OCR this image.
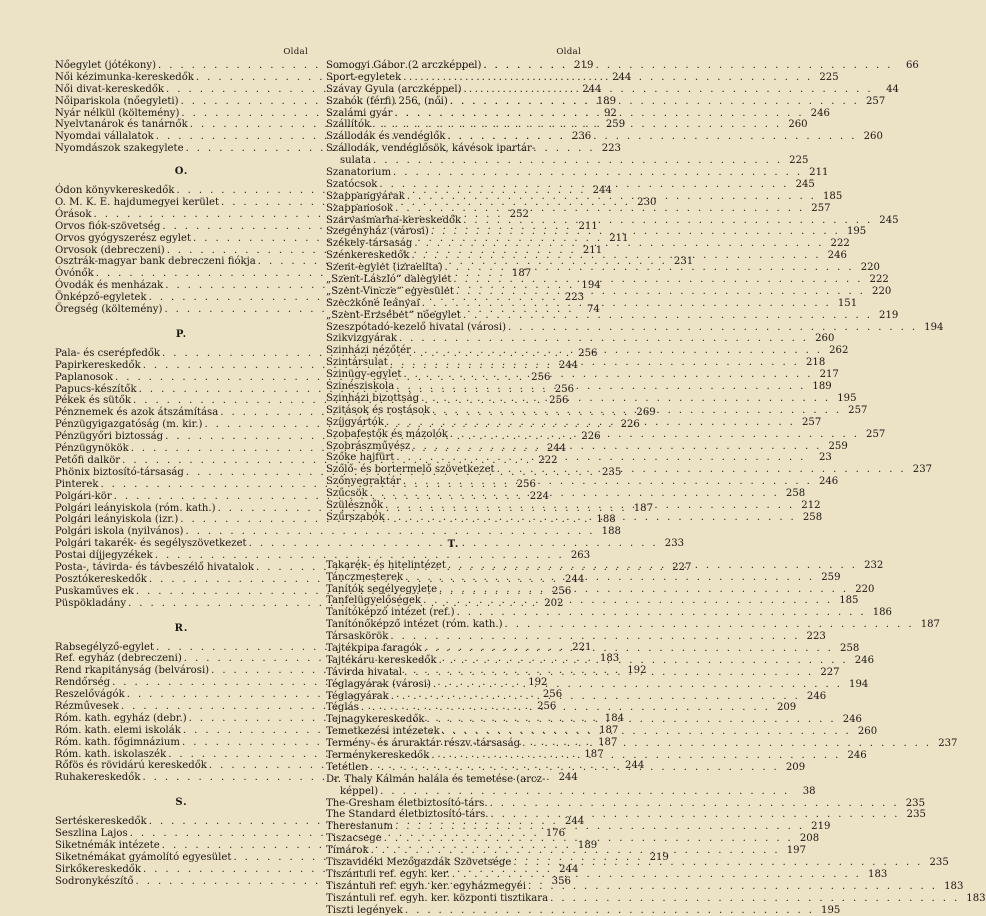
Oldal
Nőegylet (jótékony) . . .	219
Női kézimunka-kereskedők . . .	244
Női divat-kereskedők . . .	244
Nőipariskola (nőegyleti) . . .	189
Nyár nélkül (költemény) . . .	92
Nyelvtanárok és tanárnők . . .	259
Nyomdai vállalatok . . .	236
Nyomdászok szakegylete . . .	223
O.
Ódon könyvkereskedők . . .	244
O. M. K. E. hajdumegyei kerület . . .	230
Órások . . .	252
Orvos fiók-szövetség . . .	211
Orvos gyógyszerész egylet . . .	211
Orvosok (debreczeni) . . .	211
Osztrák-magyar bank debreczeni fiókja . . .	231
Óvónők . . .	187
Óvodák és menházak . . .	194
Önképző-egyletek . . .	223
Öregség (költemény) . . .	74
P.
Pala- és cserépfedők . . .	256
Papirkereskedők . . .	244
Paplanosok . . .	256
Papucs-készítők . . .	256
Pékek és sütők . . .	256
Pénznemek és azok átszámítása . . .	269
Pénzügyigazgatóság (m. kir.) . . .	226
Pénzügyőri biztosság . . .	226
Pénzügynökök . . .	244
Petőfi dalkör . . .	222
Phönix biztosító-társaság . . .	235
Pinterek . . .	256
Polgári-kör . . .	224
Polgári leányiskola (róm. kath.) . . .	187
Polgári leányiskola (izr.) . . .	188
Polgári iskola (nyilvános) . . .	188
Polgári takarék- és segélyszövetkezet . . .	233
Postai díjjegyzékek . . .	263
Posta-, távirda- és távbeszélő hivatalok . . .	227
Posztókereskedők . . .	244
Puskaműves ek . . .	256
Püspökladány . . .	202
R.
Rabsegélyző-egylet . . .	221
Ref. egyház (debreczeni) . . .	183
Rend rkapitányság (belvárosi) . . .	192
Rendőrség . . .	192
Reszelővágók . . .	256
Rézművesek . . .	256
Róm. kath. egyház (debr.) . . .	184
Róm. kath. elemi iskolák . . .	187
Róm. kath. főgimnázium . . .	187
Róm. kath. iskolaszék . . .	187
Rőfös és rövidárú kereskedők . . .	244
Ruhakereskedők . . .	244
S.
Sertéskereskedők . . .	244
Seszlina Lajos . . .	176
Siketnémák intézete . . .	189
Siketnémákat gyámolító egyesület . . .	219
Sirkőkereskedők . . .	244
Sodronykészítő . . .	356
Oldal
Somogyi Gábor (2 arczképpel) . . .	66
Sport-egyletek . . .	225
Szávay Gyula (arczképpel) . . .	44
Szabók (férfi) 256, (női) . . .	257
Szalámi gyár . . .	246
Szállítók . . .	260
Szállodák és vendéglők . . .	260
Szállodák, vendéglősök, kávésok ipartár-
sulata . . .	225
Szanatorium . . .	211
Szatócsok . . .	245
Szappangyárak . . .	185
Szappanosok . . .	257
Szarvasmarha-kereskedők . . .	245
Szegényház (városi) . . .	195
Székely-társaság . . .	222
Szénkereskedők . . .	246
Szent-egylet (izraelita) . . .	220
„Szent-László“ dalegylet . . .	222
„Szent-Vincze“ egyesület . . .	220
Szeczkóné leányai . . .	151
„Szent-Erzsébet“ nőegylet . . .	219
Szeszpótadó-kezelő hivatal (városi) . . .	194
Szikvizgyárak . . .	260
Szinházi nézőtér . . .	262
Szintársulat . . .	218
Szinügy-egylet . . .	217
Szinésziskola . . .	189
Szinházi bizottság . . .	195
Szitások és rostások . . .	257
Szíjgyártók . . .	257
Szobafestők és mázolók . . .	257
Szobrászművész . . .	259
Szőke hajfürt . . .	23
Szőlő- és bortermelő szövetkezet . . .	237
Szőnyegraktár . . .	246
Szűcsök . . .	258
Szülésznők . . .	212
Szűrszabók . . .	258
T.
Takarék- és hitelintézet . . .	232
Tánczmesterek . . .	259
Tanítók segélyegylete . . .	220
Tanfelügyelőségek . . .	185
Tanítóképző intézet (ref.) . . .	186
Tanítónőképző intézet (róm. kath.) . . .	187
Társaskörök . . .	223
Tajtékpipa faragók . . .	258
Tajtékáru kereskedők . . .	246
Távirda hivatal . . .	227
Téglagyárak (városi) . . .	194
Téglagyárak . . .	246
Téglás . . .	209
Tejnagykereskedők . . .	246
Temetkezési intézetek . . .	260
Termény- és áruraktár részv.-társaság . . .	237
Terménykereskedők . . .	246
Tetétlen . . .	209
Dr. Thaly Kálmán halála és temetése (arcz-
képpel) . . .	38
The-Gresham életbiztosító-társ. . . .	235
The Standard életbiztosító-társ. . . .	235
Theresianum . . .	219
Tiszacsege . . .	208
Tímárok . . .	197
Tiszavidéki Mezőgazdák Szövetsége . . .	235
Tiszántuli ref. egyh. ker. . . .	183
Tiszántuli ref. egyh. ker. egyházmegyéi . . .	183
Tiszántuli ref. egyh. ker. központi tisztikara . . .	183
Tiszti legények . . .	195
